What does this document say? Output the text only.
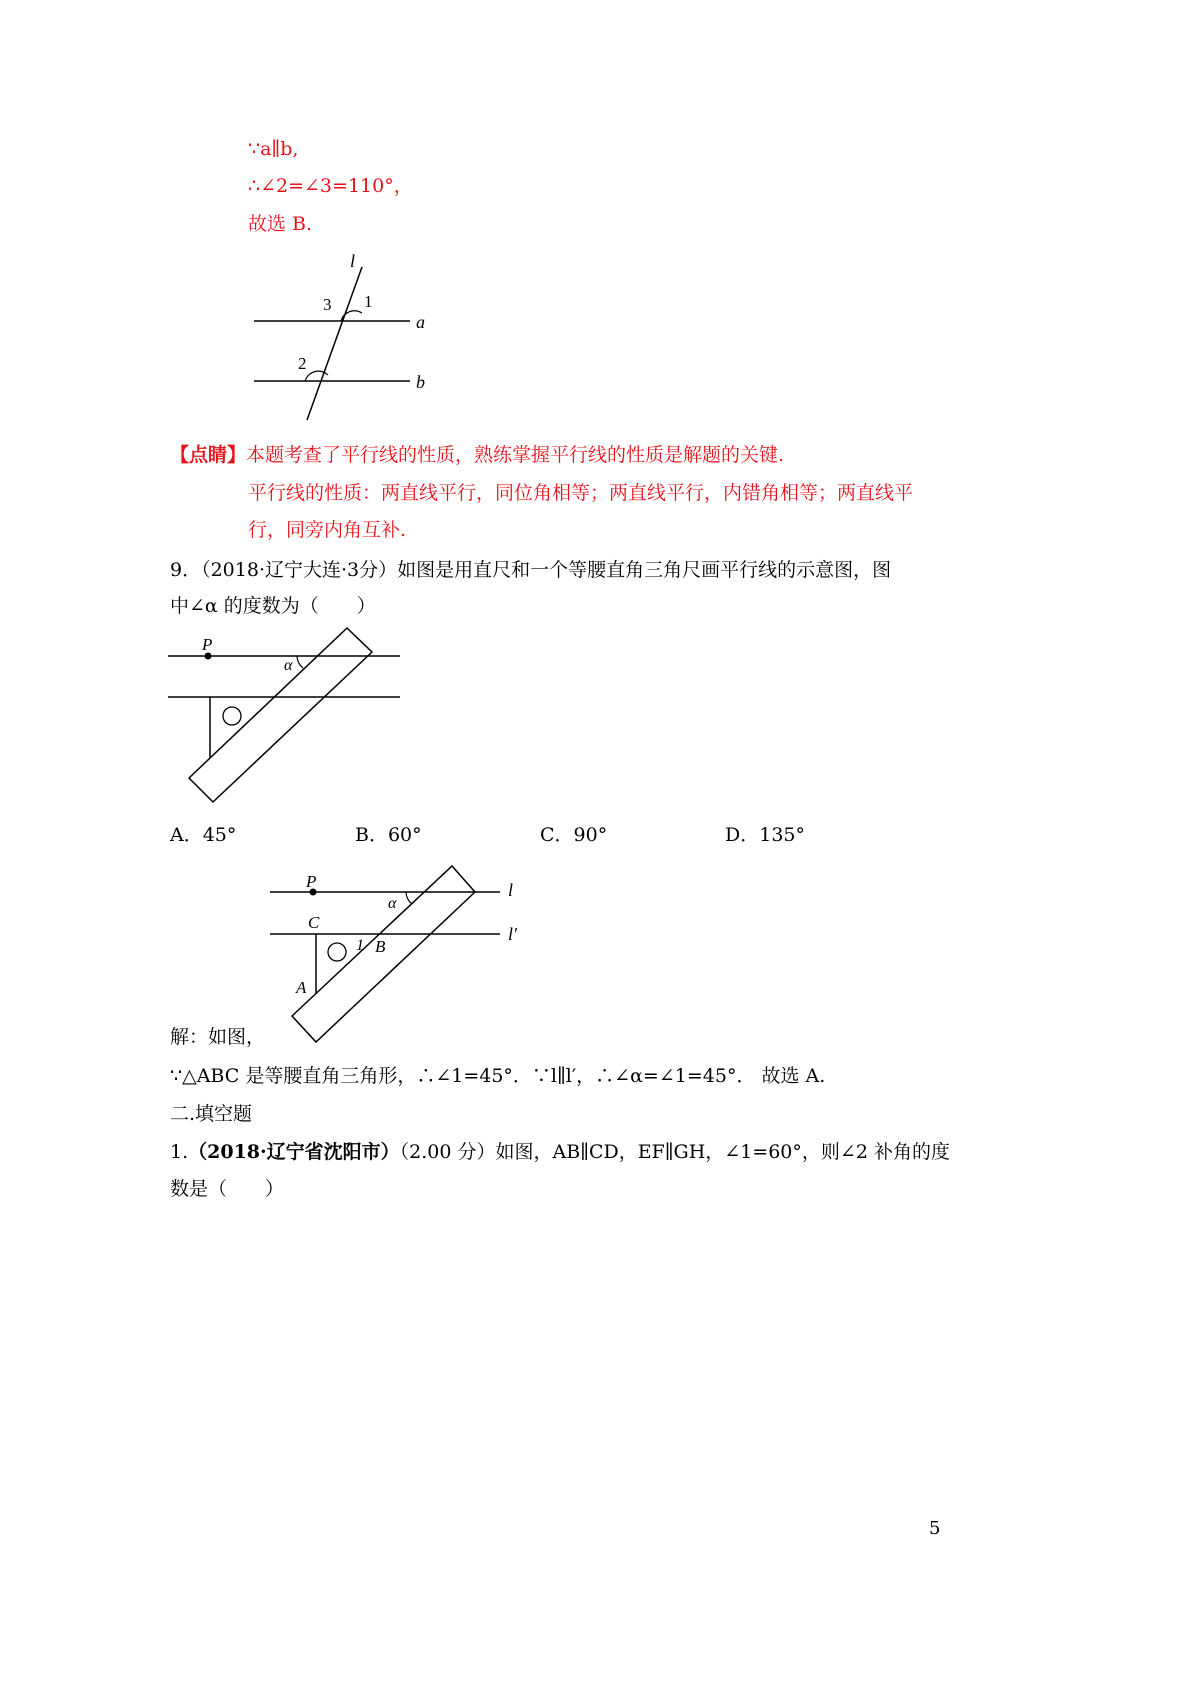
∵a∥b,
∴∠2=∠3=110°，
故选 B.
l
1
3
2
a
b
【点睛】本题考查了平行线的性质，熟练掌握平行线的性质是解题的关键.
平行线的性质：两直线平行，同位角相等；两直线平行，内错角相等；两直线平
行，同旁内角互补.
9．（2018·辽宁大连·3分）如图是用直尺和一个等腰直角三角尺画平行线的示意图，图
中∠α 的度数为（　　）
P
α
A．45°	B．60°	C．90°	D．135°
P
α
l
l′
C
1 B
A
解：如图，
∵△ABC 是等腰直角三角形，∴∠1=45°．∵l∥l′，∴∠α=∠1=45°． 故选 A.
二.填空题
1.（2018·辽宁省沈阳市）（2.00 分）如图，AB∥CD，EF∥GH，∠1=60°，则∠2 补角的度
数是（　　）
5
